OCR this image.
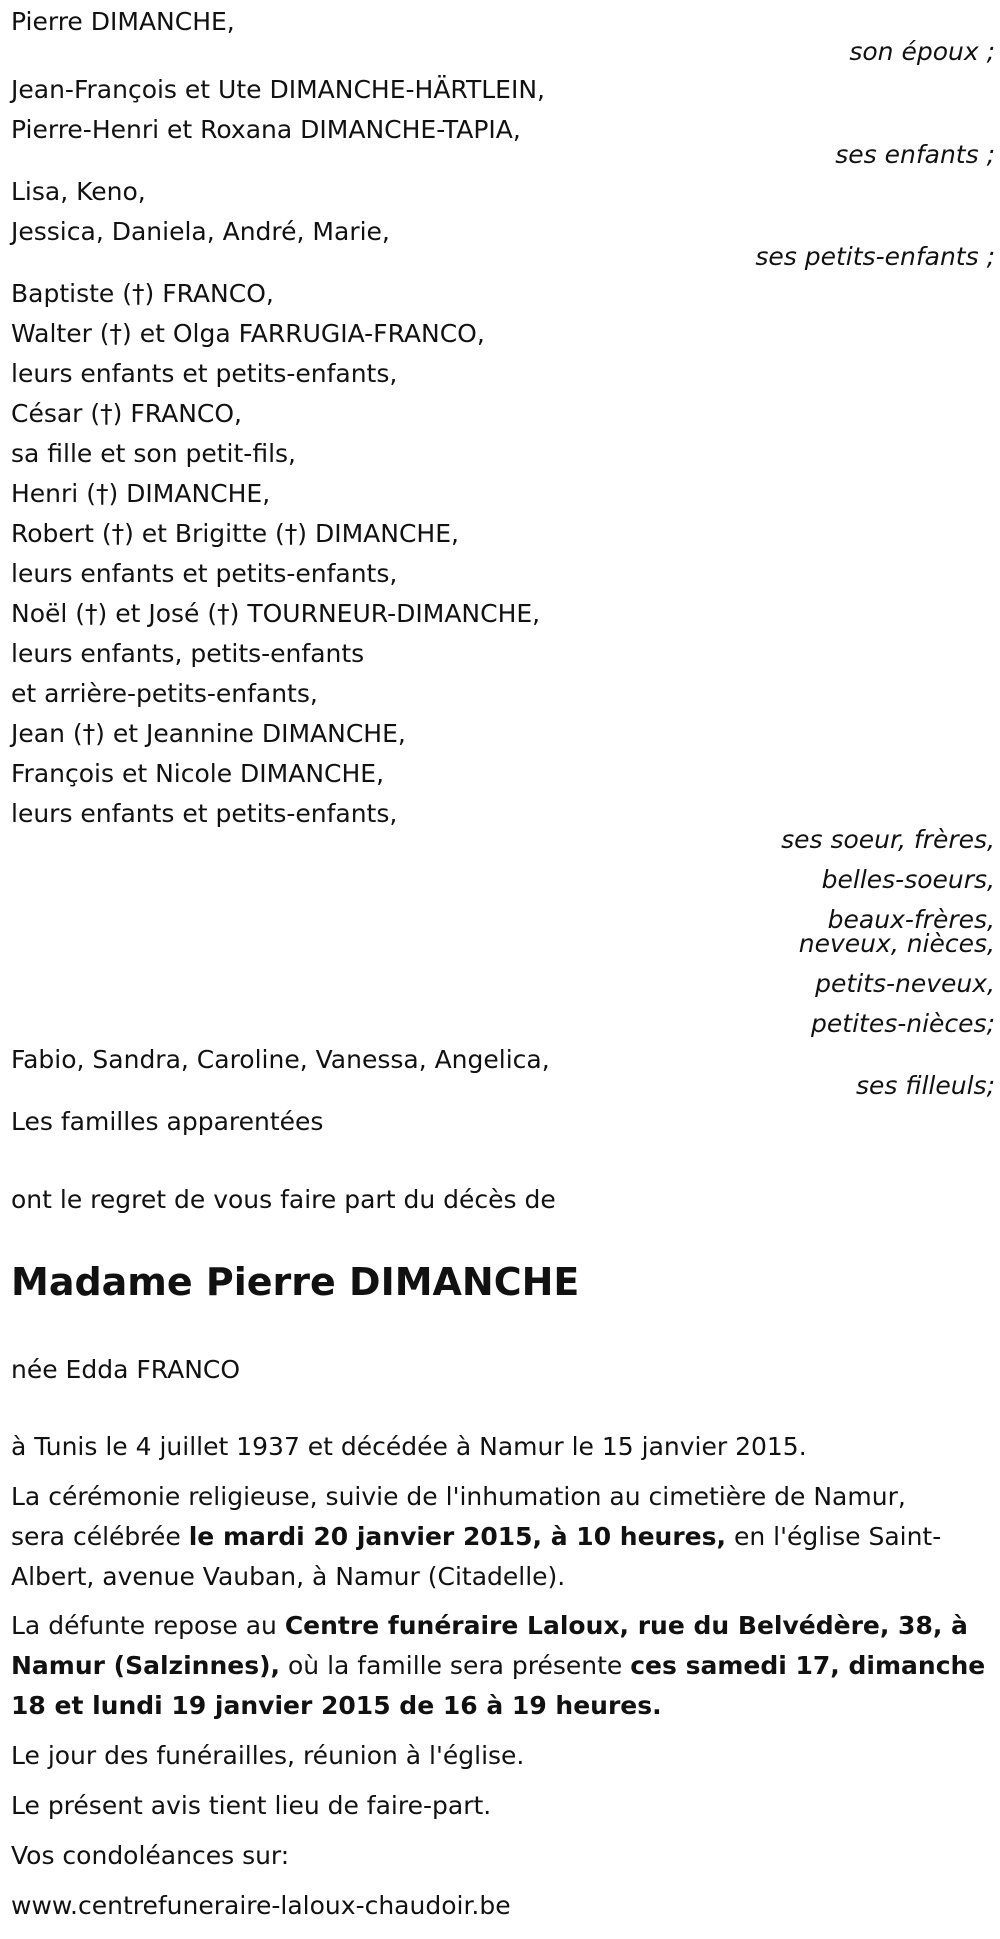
Pierre DIMANCHE,
son époux ;
Jean-François et Ute DIMANCHE-HÄRTLEIN,
Pierre-Henri et Roxana DIMANCHE-TAPIA,
ses enfants ;
Lisa, Keno,
Jessica, Daniela, André, Marie,
ses petits-enfants ;
Baptiste (†) FRANCO,
Walter (†) et Olga FARRUGIA-FRANCO,
leurs enfants et petits-enfants,
César (†) FRANCO,
sa fille et son petit-fils,
Henri (†) DIMANCHE,
Robert (†) et Brigitte (†) DIMANCHE,
leurs enfants et petits-enfants,
Noël (†) et José (†) TOURNEUR-DIMANCHE,
leurs enfants, petits-enfants
et arrière-petits-enfants,
Jean (†) et Jeannine DIMANCHE,
François et Nicole DIMANCHE,
leurs enfants et petits-enfants,
ses soeur, frères,
belles-soeurs,
beaux-frères,
neveux, nièces,
petits-neveux,
petites-nièces;
Fabio, Sandra, Caroline, Vanessa, Angelica,
ses filleuls;
Les familles apparentées
ont le regret de vous faire part du décès de
Madame Pierre DIMANCHE
née Edda FRANCO
à Tunis le 4 juillet 1937 et décédée à Namur le 15 janvier 2015.
La cérémonie religieuse, suivie de l'inhumation au cimetière de Namur,
sera célébrée le mardi 20 janvier 2015, à 10 heures, en l'église Saint-
Albert, avenue Vauban, à Namur (Citadelle).
La défunte repose au Centre funéraire Laloux, rue du Belvédère, 38, à
Namur (Salzinnes), où la famille sera présente ces samedi 17, dimanche
18 et lundi 19 janvier 2015 de 16 à 19 heures.
Le jour des funérailles, réunion à l'église.
Le présent avis tient lieu de faire-part.
Vos condoléances sur:
www.centrefuneraire-laloux-chaudoir.be
